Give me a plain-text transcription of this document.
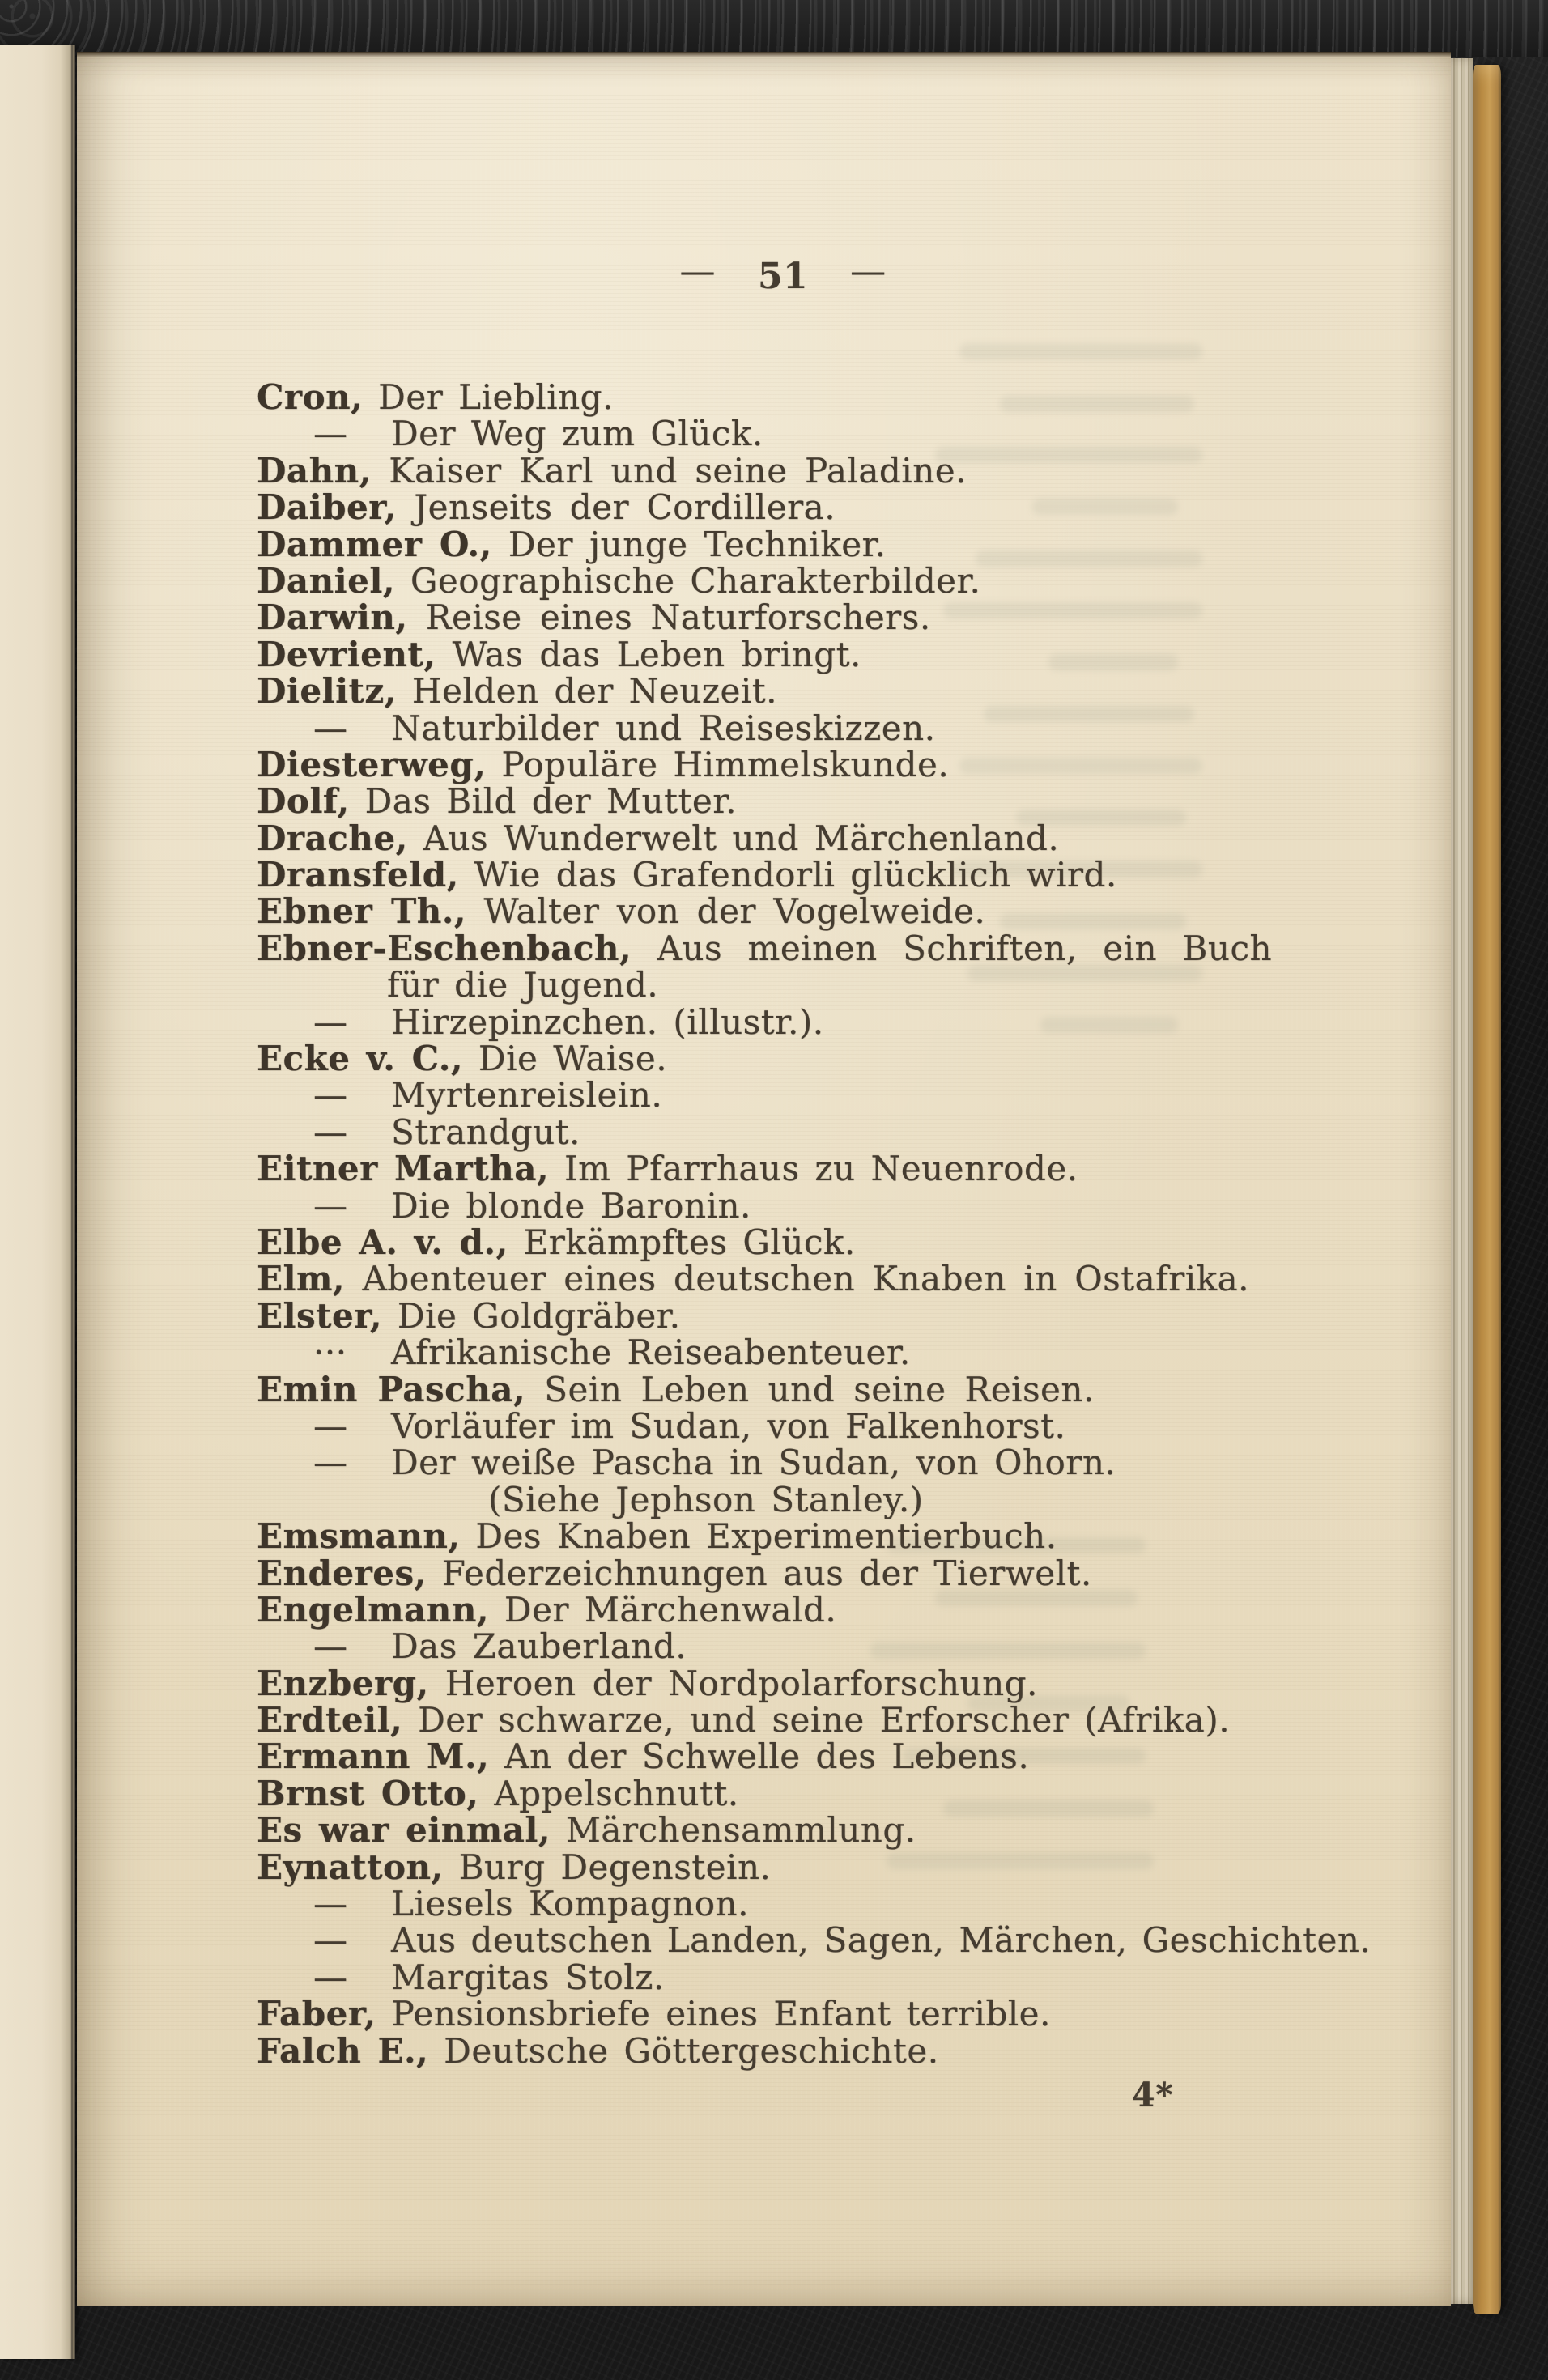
— 51 —
Cron, Der Liebling.
— Der Weg zum Glück.
Dahn, Kaiser Karl und seine Paladine.
Daiber, Jenseits der Cordillera.
Dammer O., Der junge Techniker.
Daniel, Geographische Charakterbilder.
Darwin, Reise eines Naturforschers.
Devrient, Was das Leben bringt.
Dielitz, Helden der Neuzeit.
— Naturbilder und Reiseskizzen.
Diesterweg, Populäre Himmelskunde.
Dolf, Das Bild der Mutter.
Drache, Aus Wunderwelt und Märchenland.
Dransfeld, Wie das Grafendorli glücklich wird.
Ebner Th., Walter von der Vogelweide.
Ebner-Eschenbach, Aus meinen Schriften, ein Buch
für die Jugend.
— Hirzepinzchen. (illustr.).
Ecke v. C., Die Waise.
— Myrtenreislein.
— Strandgut.
Eitner Martha, Im Pfarrhaus zu Neuenrode.
— Die blonde Baronin.
Elbe A. v. d., Erkämpftes Glück.
Elm, Abenteuer eines deutschen Knaben in Ostafrika.
Elster, Die Goldgräber.
··· Afrikanische Reiseabenteuer.
Emin Pascha, Sein Leben und seine Reisen.
— Vorläufer im Sudan, von Falkenhorst.
— Der weiße Pascha in Sudan, von Ohorn.
(Siehe Jephson Stanley.)
Emsmann, Des Knaben Experimentierbuch.
Enderes, Federzeichnungen aus der Tierwelt.
Engelmann, Der Märchenwald.
— Das Zauberland.
Enzberg, Heroen der Nordpolarforschung.
Erdteil, Der schwarze, und seine Erforscher (Afrika).
Ermann M., An der Schwelle des Lebens.
Brnst Otto, Appelschnutt.
Es war einmal, Märchensammlung.
Eynatton, Burg Degenstein.
— Liesels Kompagnon.
— Aus deutschen Landen, Sagen, Märchen, Geschichten.
— Margitas Stolz.
Faber, Pensionsbriefe eines Enfant terrible.
Falch E., Deutsche Göttergeschichte.
4*
